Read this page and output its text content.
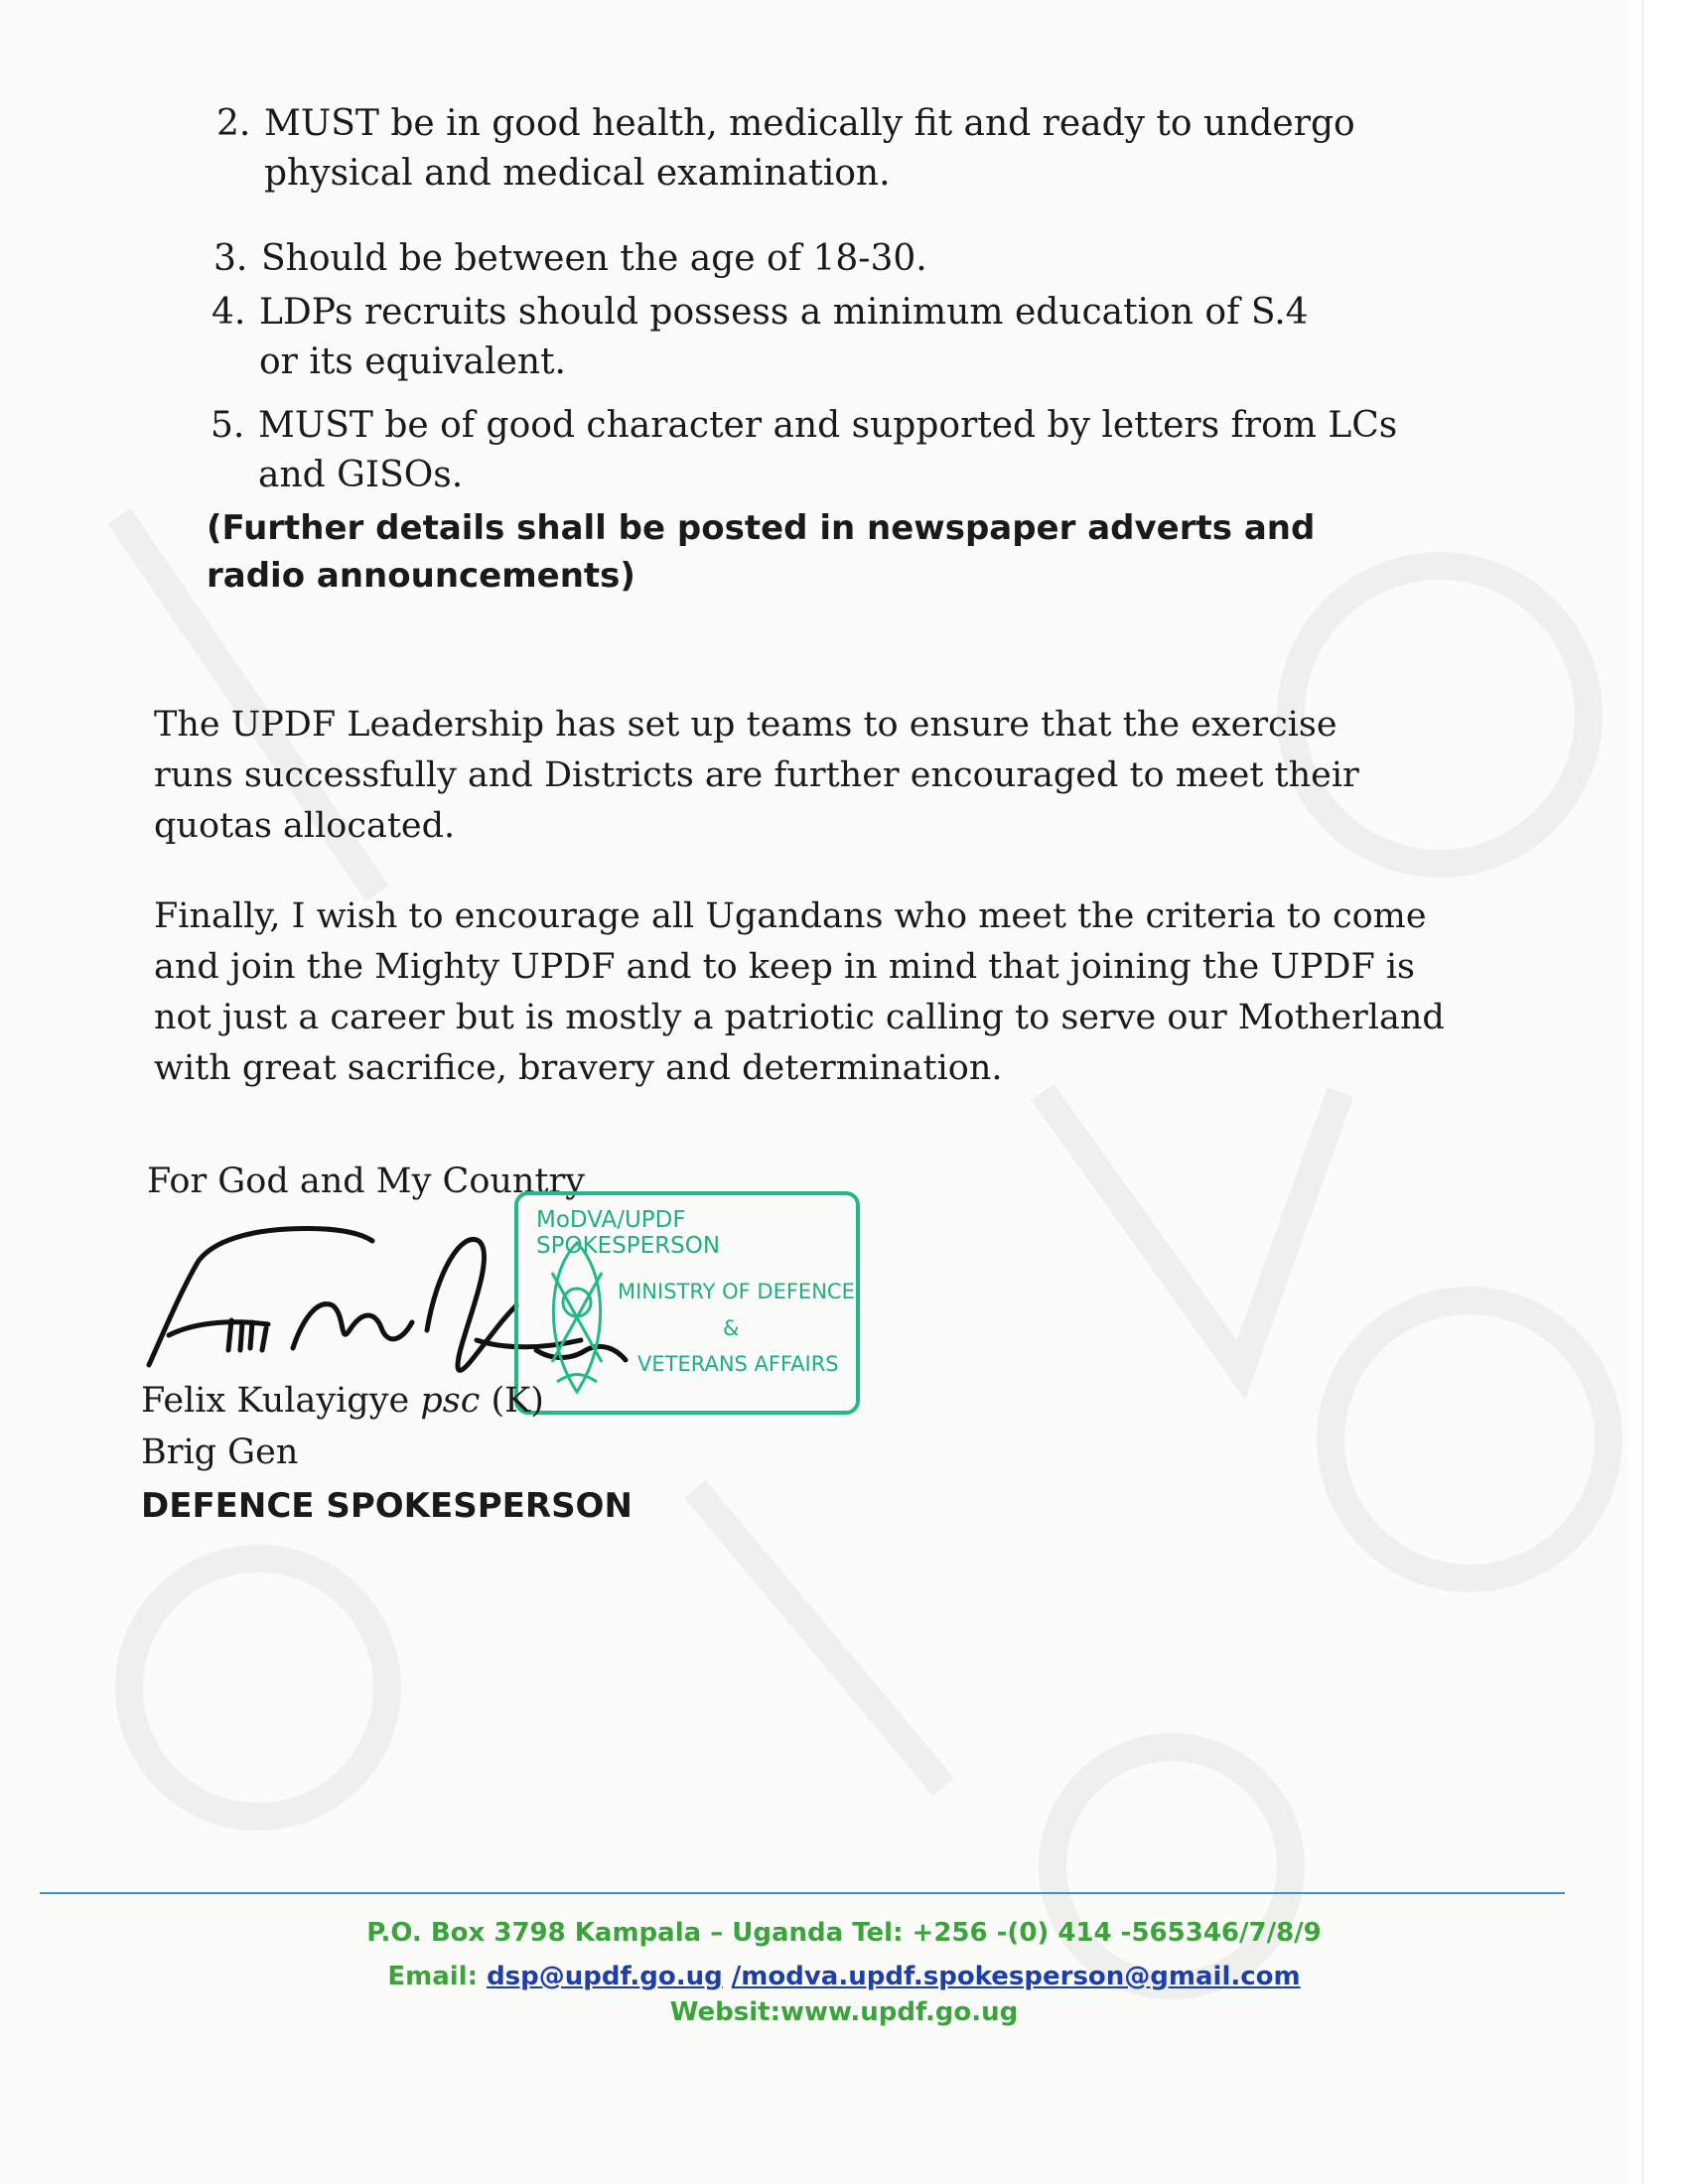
2. MUST be in good health, medically fit and ready to undergo physical and medical examination.
3. Should be between the age of 18-30.
4. LDPs recruits should possess a minimum education of S.4 or its equivalent.
5. MUST be of good character and supported by letters from LCs and GISOs.
(Further details shall be posted in newspaper adverts and radio announcements)
The UPDF Leadership has set up teams to ensure that the exercise runs successfully and Districts are further encouraged to meet their quotas allocated.
Finally, I wish to encourage all Ugandans who meet the criteria to come and join the Mighty UPDF and to keep in mind that joining the UPDF is not just a career but is mostly a patriotic calling to serve our Motherland with great sacrifice, bravery and determination.
For God and My Country
MoDVA/UPDF SPOKESPERSON
MINISTRY OF DEFENCE
&
VETERANS AFFAIRS
Felix Kulayigye psc (K)
Brig Gen
DEFENCE SPOKESPERSON
P.O. Box 3798 Kampala – Uganda Tel: +256 -(0) 414 -565346/7/8/9
Email: dsp@updf.go.ug /modva.updf.spokesperson@gmail.com
Websit:www.updf.go.ug
